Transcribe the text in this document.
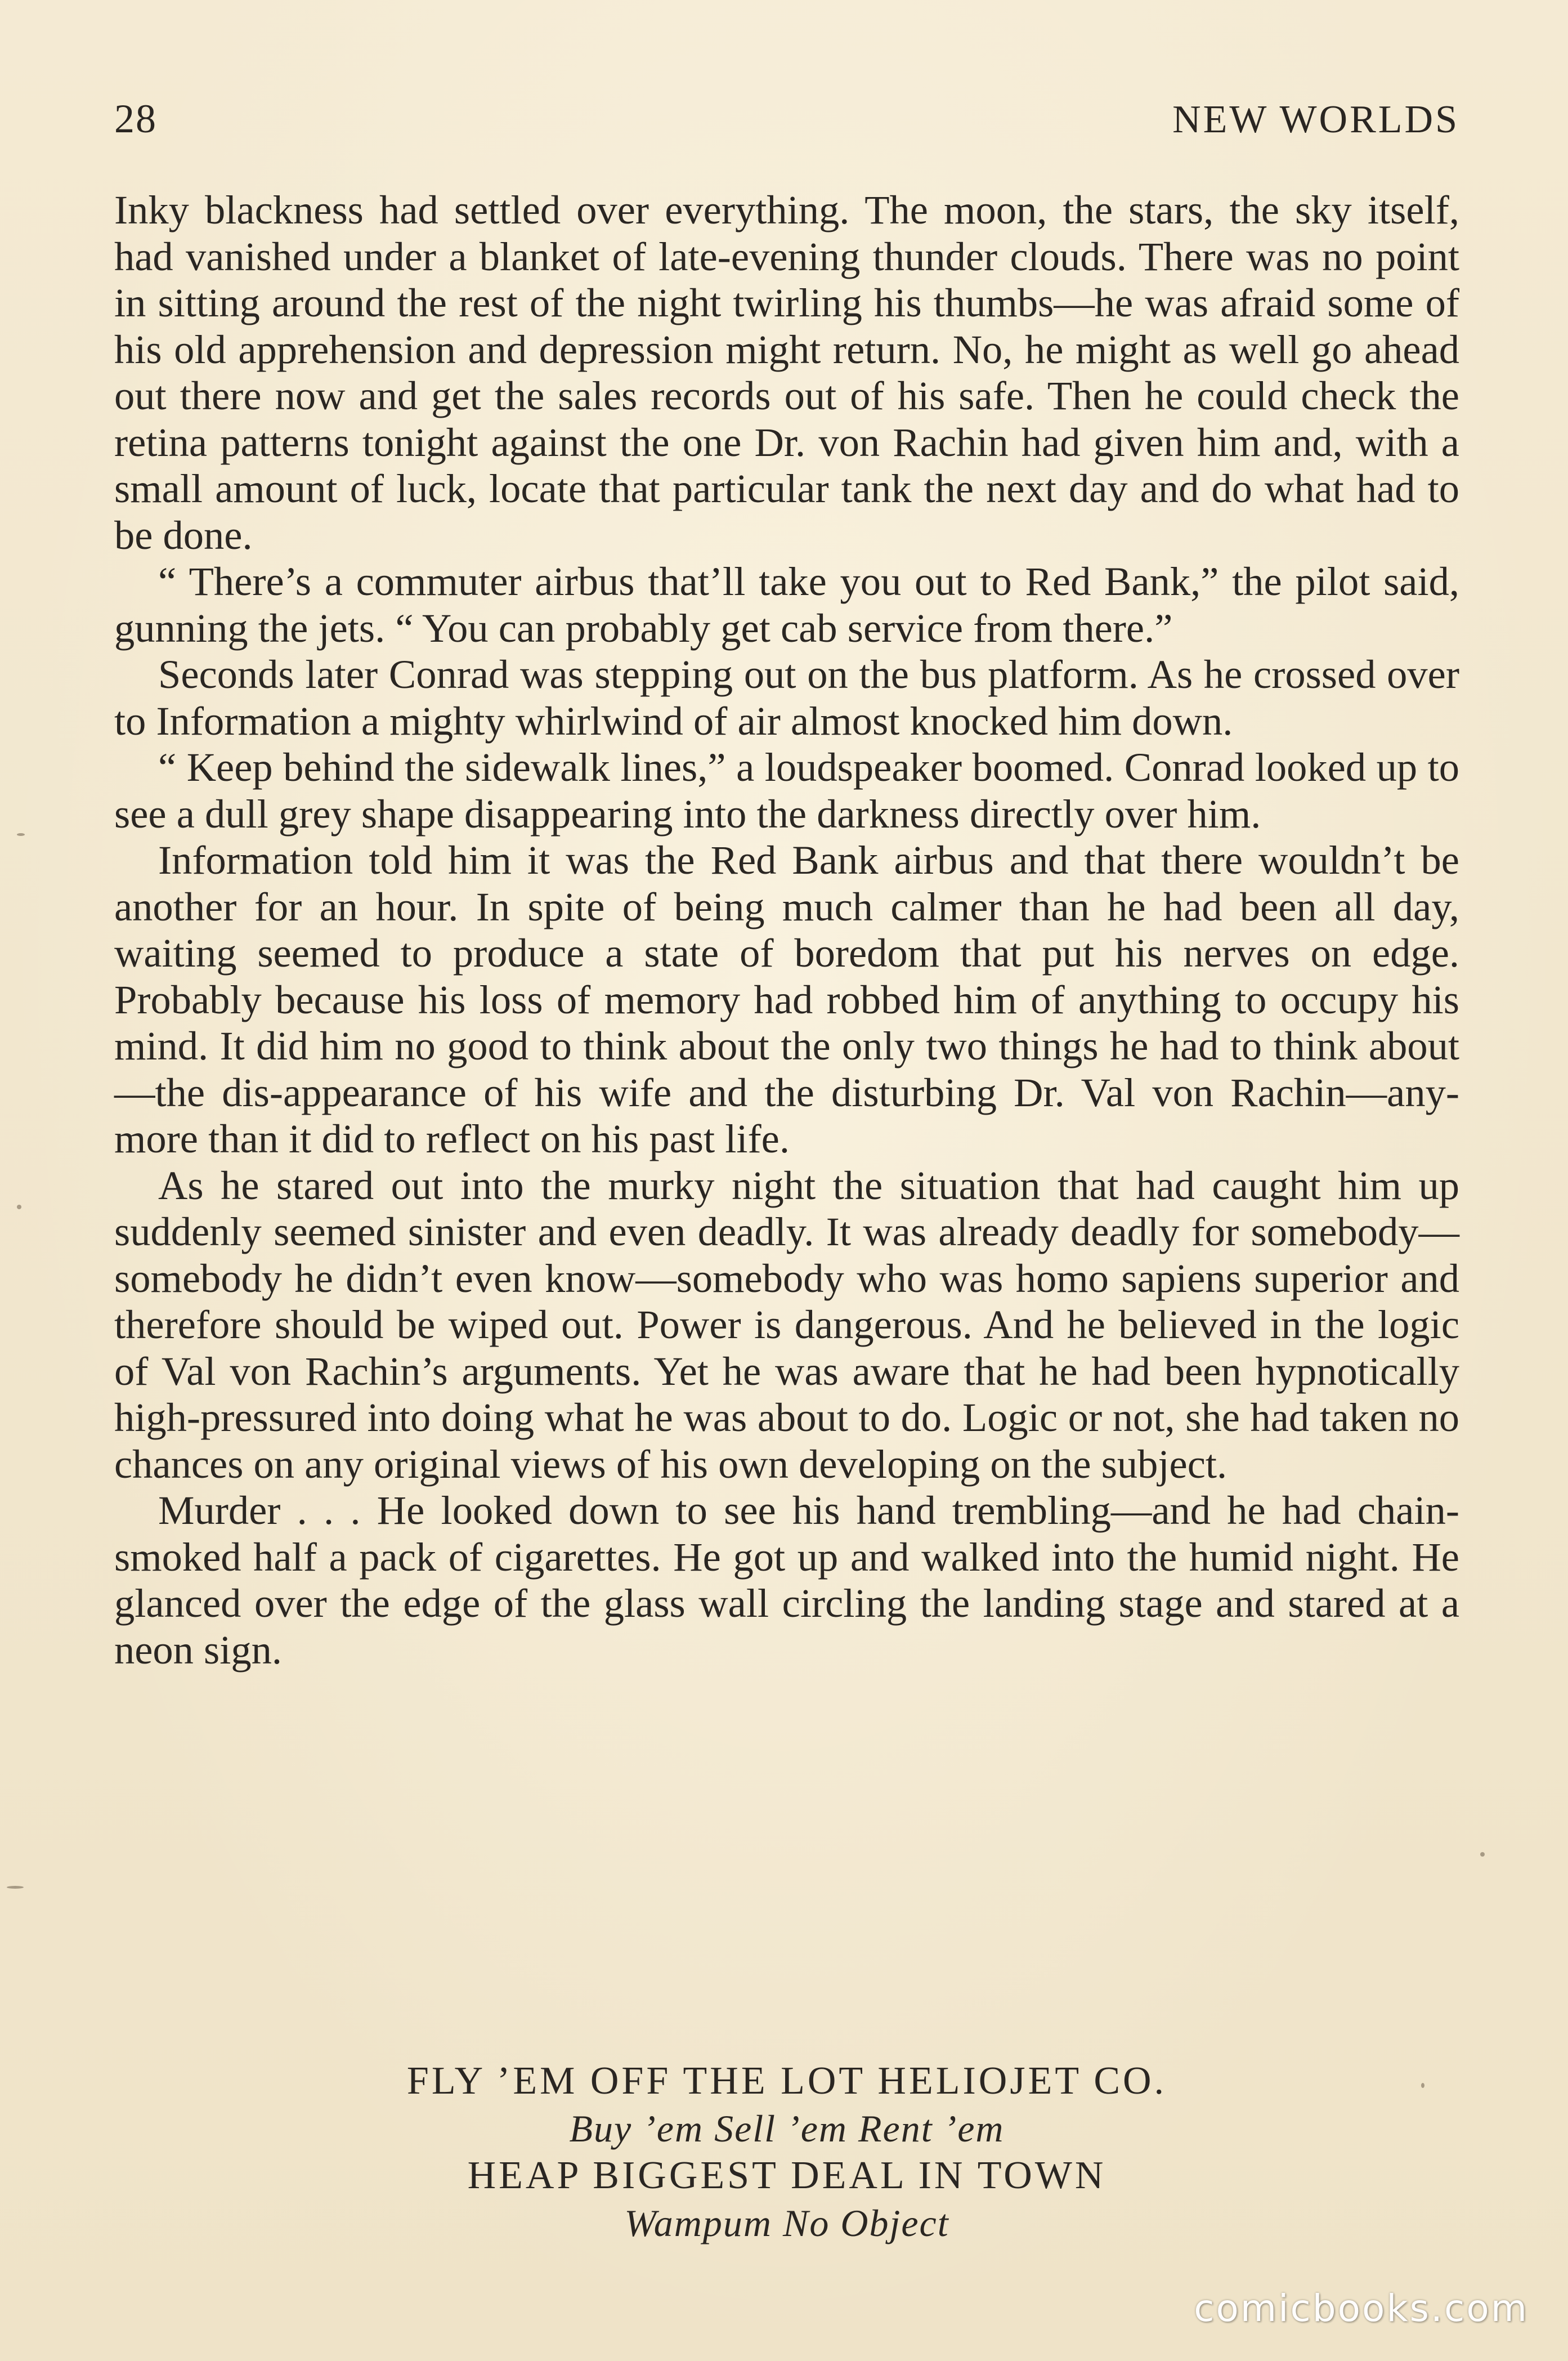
28	NEW WORLDS

Inky blackness had settled over everything. The moon, the stars, the sky itself, had vanished under a blanket of late-evening thunder clouds. There was no point in sitting around the rest of the night twirling his thumbs—he was afraid some of his old apprehension and depression might return. No, he might as well go ahead out there now and get the sales records out of his safe. Then he could check the retina patterns tonight against the one Dr. von Rachin had given him and, with a small amount of luck, locate that particular tank the next day and do what had to be done.

“ There’s a commuter airbus that’ll take you out to Red Bank,” the pilot said, gunning the jets. “ You can probably get cab service from there.”

Seconds later Conrad was stepping out on the bus platform. As he crossed over to Information a mighty whirlwind of air almost knocked him down.

“ Keep behind the sidewalk lines,” a loudspeaker boomed. Conrad looked up to see a dull grey shape disappearing into the darkness directly over him.

Information told him it was the Red Bank airbus and that there wouldn’t be another for an hour. In spite of being much calmer than he had been all day, waiting seemed to produce a state of boredom that put his nerves on edge. Probably because his loss of memory had robbed him of anything to occupy his mind. It did him no good to think about the only two things he had to think about—the dis-appearance of his wife and the disturbing Dr. Val von Rachin—any-more than it did to reflect on his past life.

As he stared out into the murky night the situation that had caught him up suddenly seemed sinister and even deadly. It was already deadly for somebody—somebody he didn’t even know—somebody who was homo sapiens superior and therefore should be wiped out. Power is dangerous. And he believed in the logic of Val von Rachin’s arguments. Yet he was aware that he had been hypnotically high-pressured into doing what he was about to do. Logic or not, she had taken no chances on any original views of his own developing on the subject.

Murder . . . He looked down to see his hand trembling—and he had chain-smoked half a pack of cigarettes. He got up and walked into the humid night. He glanced over the edge of the glass wall circling the landing stage and stared at a neon sign.

FLY ’EM OFF THE LOT HELIOJET CO.
Buy ’em Sell ’em Rent ’em
HEAP BIGGEST DEAL IN TOWN
Wampum No Object
comicbooks.com
